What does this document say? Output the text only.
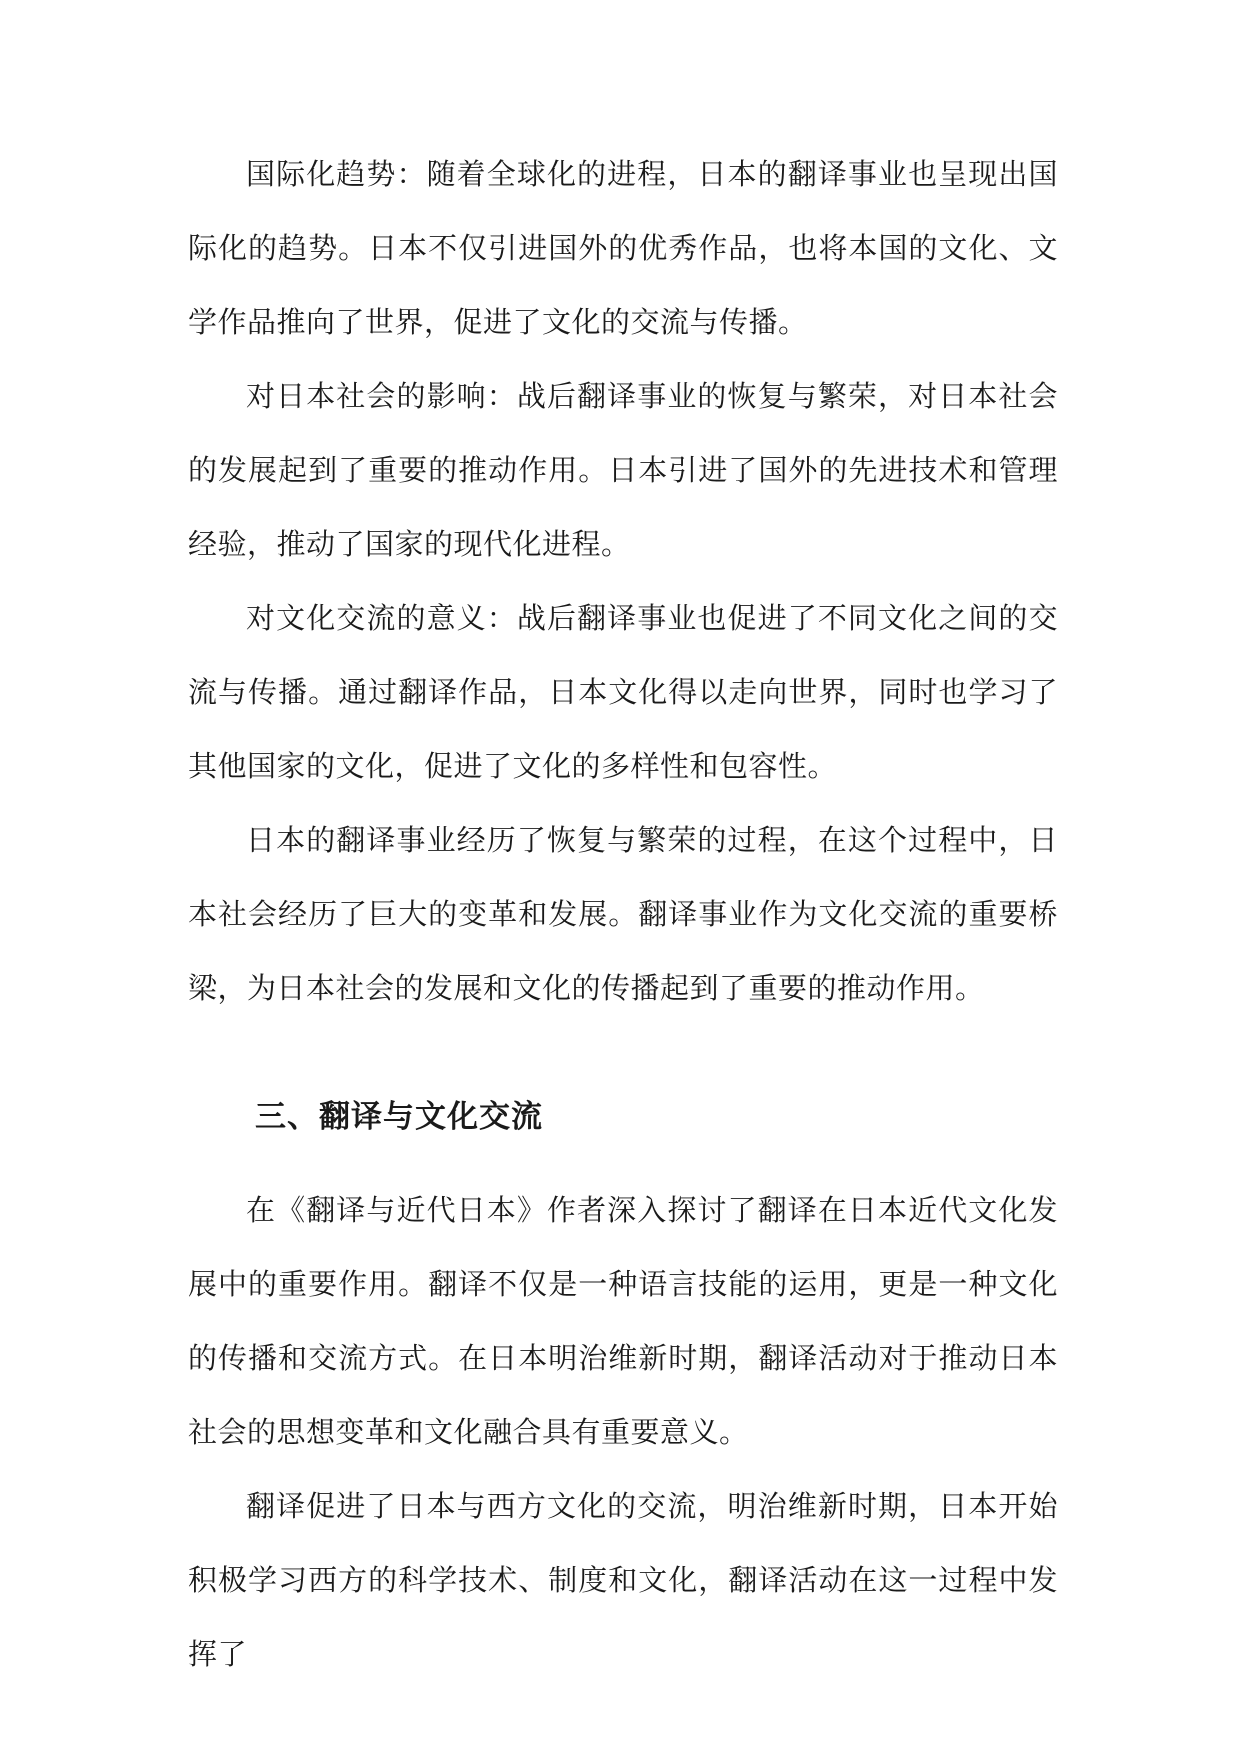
国际化趋势：随着全球化的进程，日本的翻译事业也呈现出国际化的趋势。日本不仅引进国外的优秀作品，也将本国的文化、文学作品推向了世界，促进了文化的交流与传播。

对日本社会的影响：战后翻译事业的恢复与繁荣，对日本社会的发展起到了重要的推动作用。日本引进了国外的先进技术和管理经验，推动了国家的现代化进程。

对文化交流的意义：战后翻译事业也促进了不同文化之间的交流与传播。通过翻译作品，日本文化得以走向世界，同时也学习了其他国家的文化，促进了文化的多样性和包容性。

日本的翻译事业经历了恢复与繁荣的过程，在这个过程中，日本社会经历了巨大的变革和发展。翻译事业作为文化交流的重要桥梁，为日本社会的发展和文化的传播起到了重要的推动作用。

三、翻译与文化交流

在《翻译与近代日本》作者深入探讨了翻译在日本近代文化发展中的重要作用。翻译不仅是一种语言技能的运用，更是一种文化的传播和交流方式。在日本明治维新时期，翻译活动对于推动日本社会的思想变革和文化融合具有重要意义。

翻译促进了日本与西方文化的交流，明治维新时期，日本开始积极学习西方的科学技术、制度和文化，翻译活动在这一过程中发挥了
